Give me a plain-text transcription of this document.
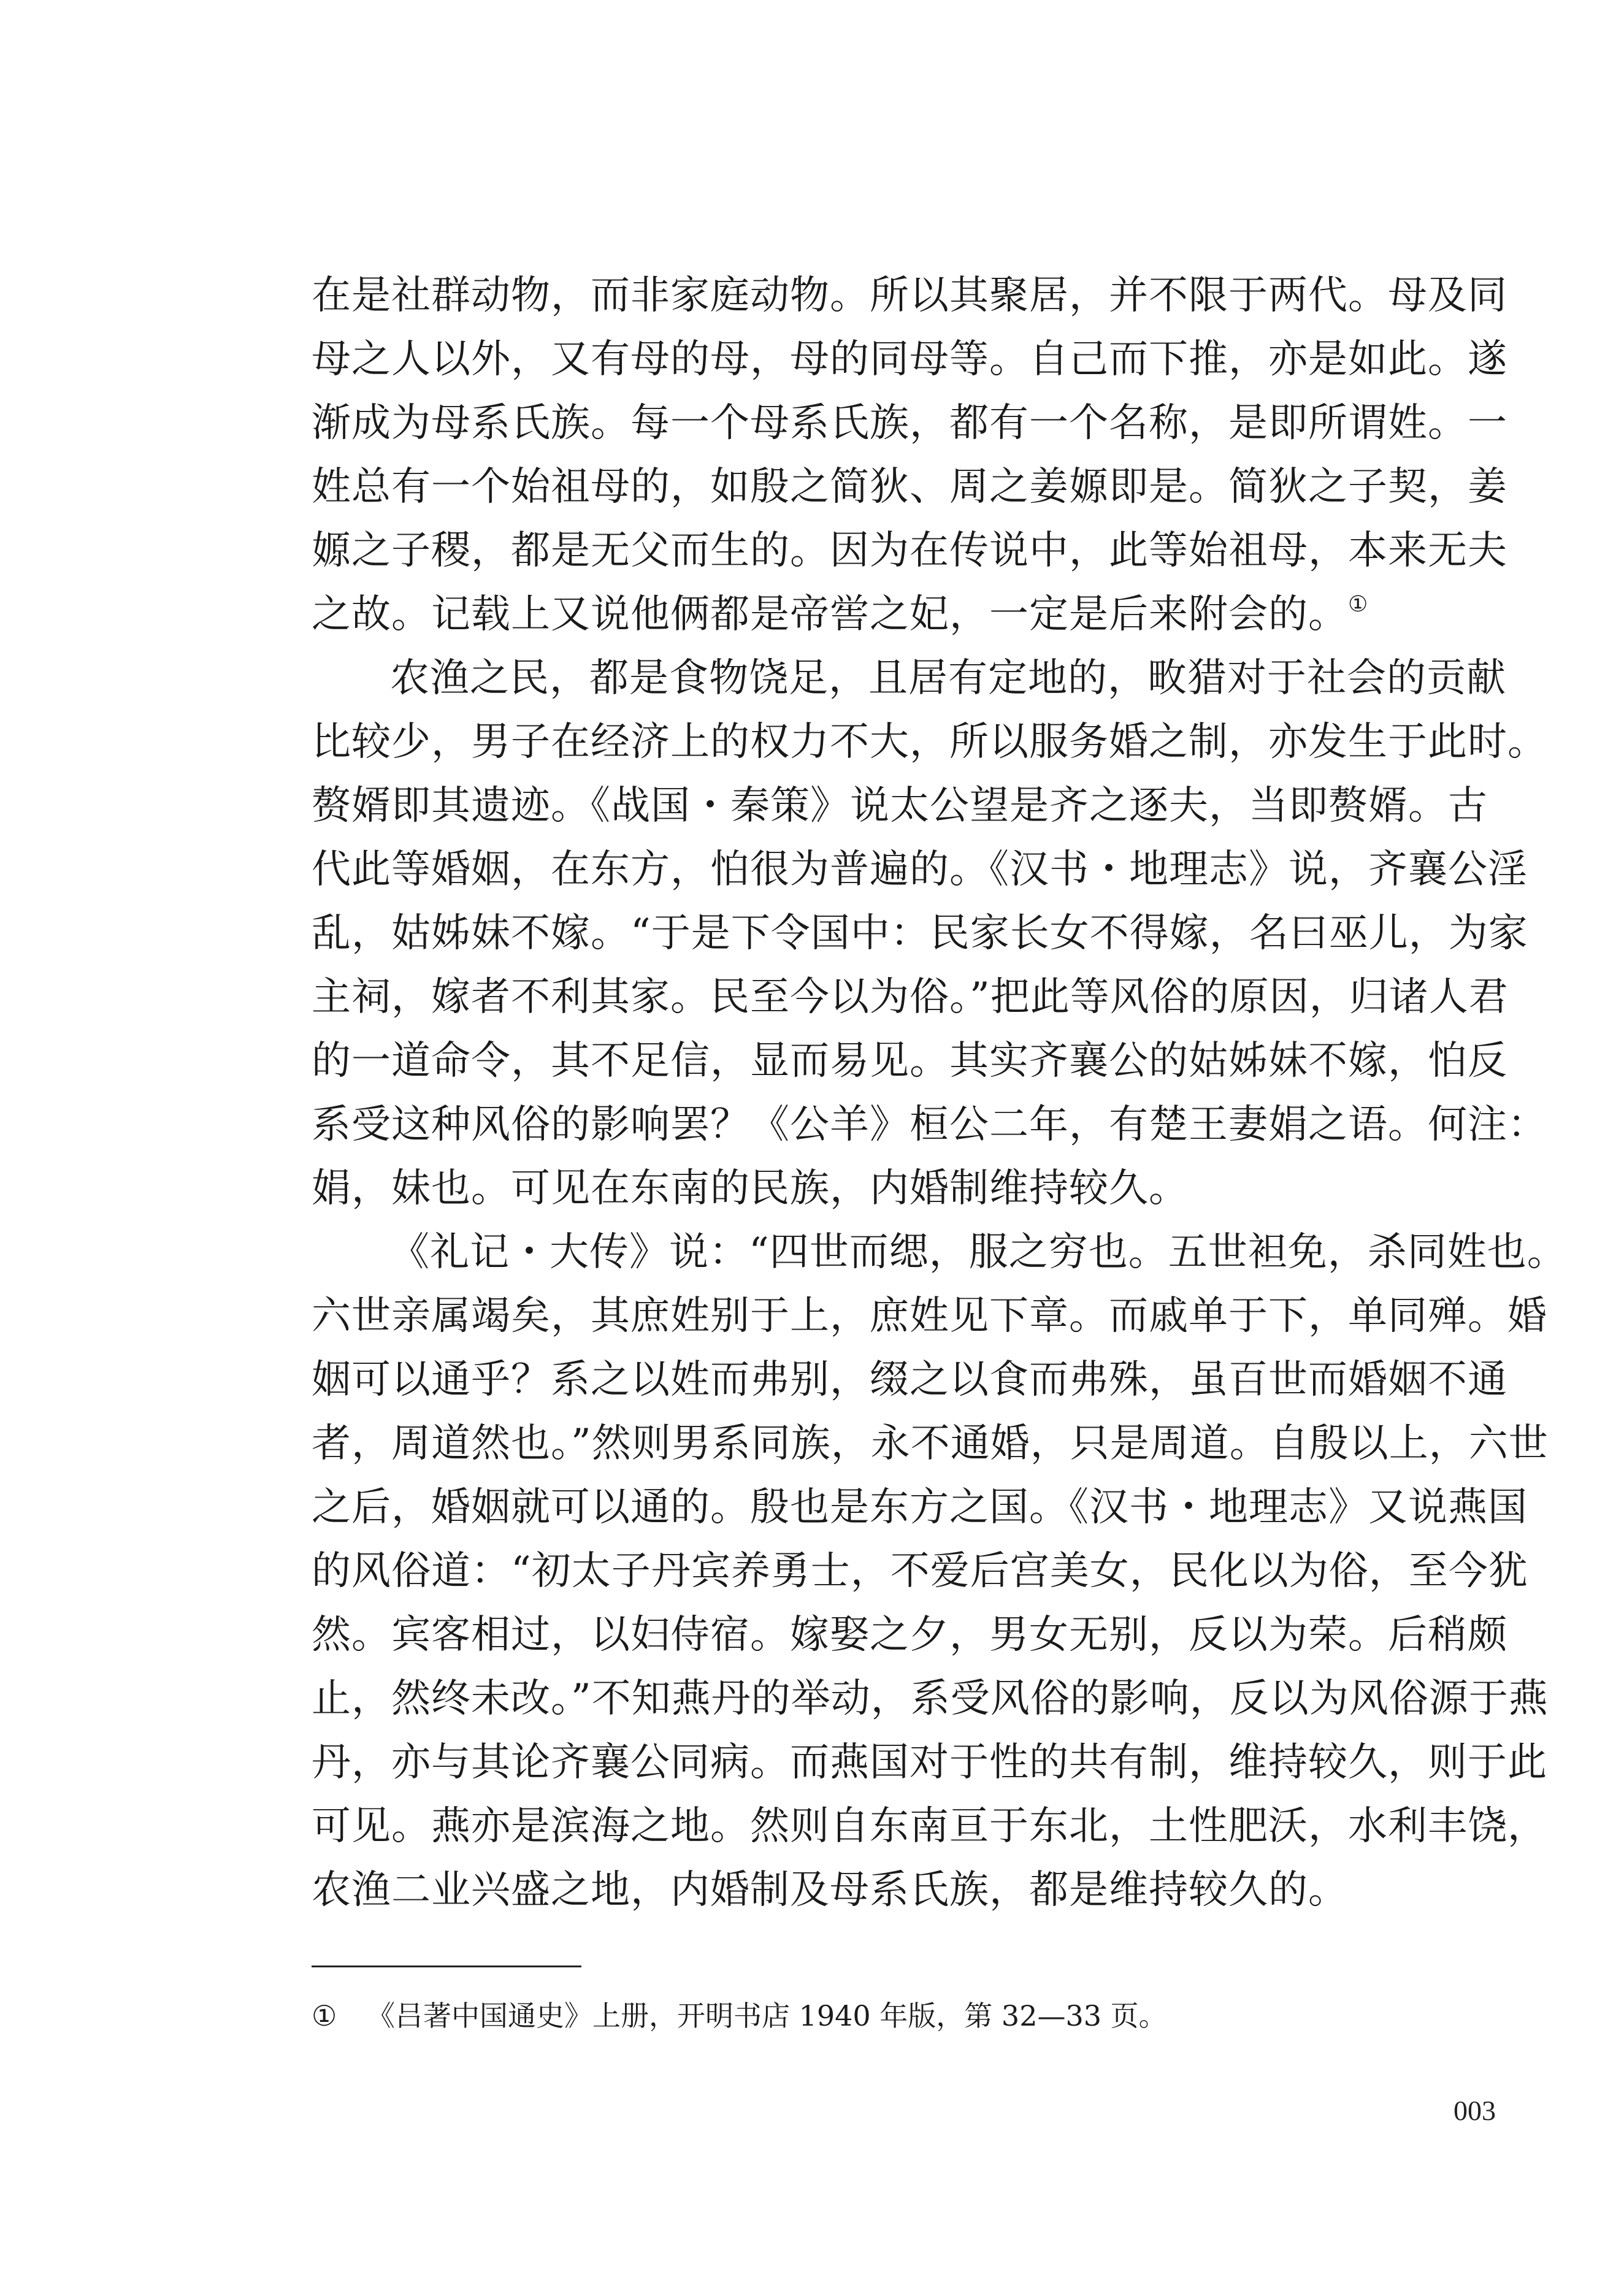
在是社群动物，而非家庭动物。所以其聚居，并不限于两代。母及同
母之人以外，又有母的母，母的同母等。自己而下推，亦是如此。遂
渐成为母系氏族。每一个母系氏族，都有一个名称，是即所谓姓。一
姓总有一个始祖母的，如殷之简狄、周之姜嫄即是。简狄之子契，姜
嫄之子稷，都是无父而生的。因为在传说中，此等始祖母，本来无夫
之故。记载上又说他俩都是帝喾之妃，一定是后来附会的。①
农渔之民，都是食物饶足，且居有定地的，畋猎对于社会的贡献
比较少，男子在经济上的权力不大，所以服务婚之制，亦发生于此时。
赘婿即其遗迹。《战国・秦策》说太公望是齐之逐夫，当即赘婿。古
代此等婚姻，在东方，怕很为普遍的。《汉书・地理志》说，齐襄公淫
乱，姑姊妹不嫁。“于是下令国中：民家长女不得嫁，名曰巫儿，为家
主祠，嫁者不利其家。民至今以为俗。”把此等风俗的原因，归诸人君
的一道命令，其不足信，显而易见。其实齐襄公的姑姊妹不嫁，怕反
系受这种风俗的影响罢？《公羊》桓公二年，有楚王妻娟之语。何注：
娟，妹也。可见在东南的民族，内婚制维持较久。
《礼记・大传》说：“四世而缌，服之穷也。五世袒免，杀同姓也。
六世亲属竭矣，其庶姓别于上，庶姓见下章。而戚单于下，单同殚。婚
姻可以通乎？系之以姓而弗别，缀之以食而弗殊，虽百世而婚姻不通
者，周道然也。”然则男系同族，永不通婚，只是周道。自殷以上，六世
之后，婚姻就可以通的。殷也是东方之国。《汉书・地理志》又说燕国
的风俗道：“初太子丹宾养勇士，不爱后宫美女，民化以为俗，至今犹
然。宾客相过，以妇侍宿。嫁娶之夕，男女无别，反以为荣。后稍颇
止，然终未改。”不知燕丹的举动，系受风俗的影响，反以为风俗源于燕
丹，亦与其论齐襄公同病。而燕国对于性的共有制，维持较久，则于此
可见。燕亦是滨海之地。然则自东南亘于东北，土性肥沃，水利丰饶，
农渔二业兴盛之地，内婚制及母系氏族，都是维持较久的。
① 《吕著中国通史》上册，开明书店 1940 年版，第 32—33 页。
003
